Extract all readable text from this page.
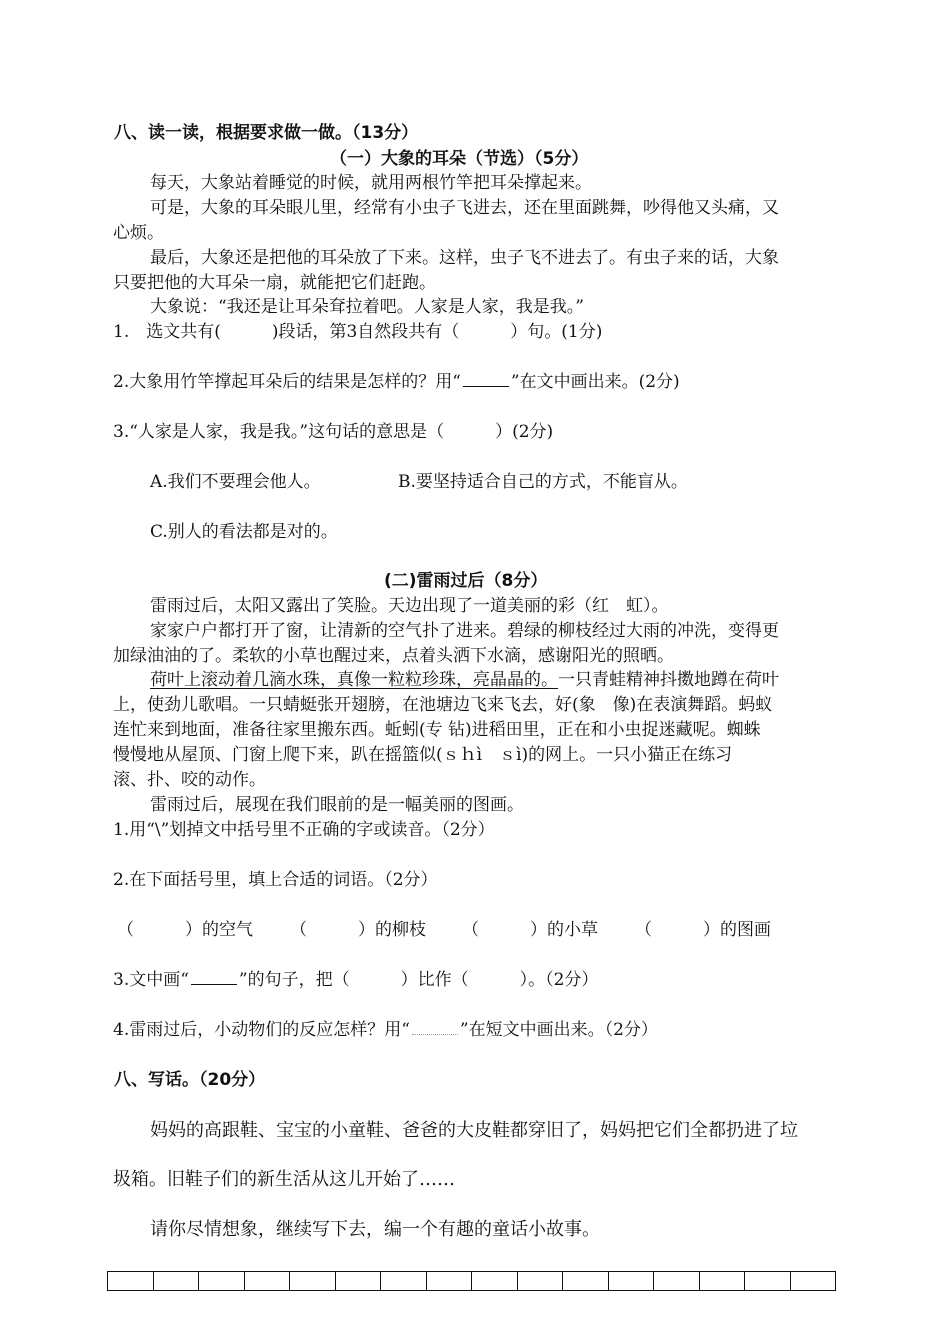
八、读一读，根据要求做一做。（13分）
（一）大象的耳朵（节选）（5分）
每天，大象站着睡觉的时候，就用两根竹竿把耳朵撑起来。
可是，大象的耳朵眼儿里，经常有小虫子飞进去，还在里面跳舞，吵得他又头痛，又
心烦。
最后，大象还是把他的耳朵放了下来。这样，虫子飞不进去了。有虫子来的话，大象
只要把他的大耳朵一扇，就能把它们赶跑。
大象说：“我还是让耳朵耷拉着吧。人家是人家，我是我。”
1.　选文共有(　　　)段话，第3自然段共有（　　　）句。(1分)
2.大象用竹竿撑起耳朵后的结果是怎样的？用“	”在文中画出来。(2分)
3.“人家是人家，我是我。”这句话的意思是（　　　）(2分)
A.我们不要理会他人。	B.要坚持适合自己的方式，不能盲从。
C.别人的看法都是对的。
(二)雷雨过后（8分）
雷雨过后，太阳又露出了笑脸。天边出现了一道美丽的彩（红　虹）。
家家户户都打开了窗，让清新的空气扑了进来。碧绿的柳枝经过大雨的冲洗，变得更
加绿油油的了。柔软的小草也醒过来，点着头洒下水滴，感谢阳光的照晒。
荷叶上滚动着几滴水珠，真像一粒粒珍珠，亮晶晶的。一只青蛙精神抖擞地蹲在荷叶
上，使劲儿歌唱。一只蜻蜓张开翅膀，在池塘边飞来飞去，好(象　像)在表演舞蹈。蚂蚁
连忙来到地面，准备往家里搬东西。蚯蚓(专 钻)进稻田里，正在和小虫捉迷藏呢。蜘蛛
慢慢地从屋顶、门窗上爬下来，趴在摇篮似(ｓｈì　ｓì)的网上。一只小猫正在练习
滚、扑、咬的动作。
雷雨过后，展现在我们眼前的是一幅美丽的图画。
1.用“\”划掉文中括号里不正确的字或读音。（2分）
2.在下面括号里，填上合适的词语。（2分）
（　　　）的空气 （　　　）的柳枝 （　　　）的小草 （　　　）的图画
3.文中画“	”的句子，把（　　　）比作（　　　）。（2分）
4.雷雨过后，小动物们的反应怎样？用“	”在短文中画出来。（2分）
八、写话。（20分）
妈妈的高跟鞋、宝宝的小童鞋、爸爸的大皮鞋都穿旧了，妈妈把它们全都扔进了垃
圾箱。旧鞋子们的新生活从这儿开始了……
请你尽情想象，继续写下去，编一个有趣的童话小故事。
